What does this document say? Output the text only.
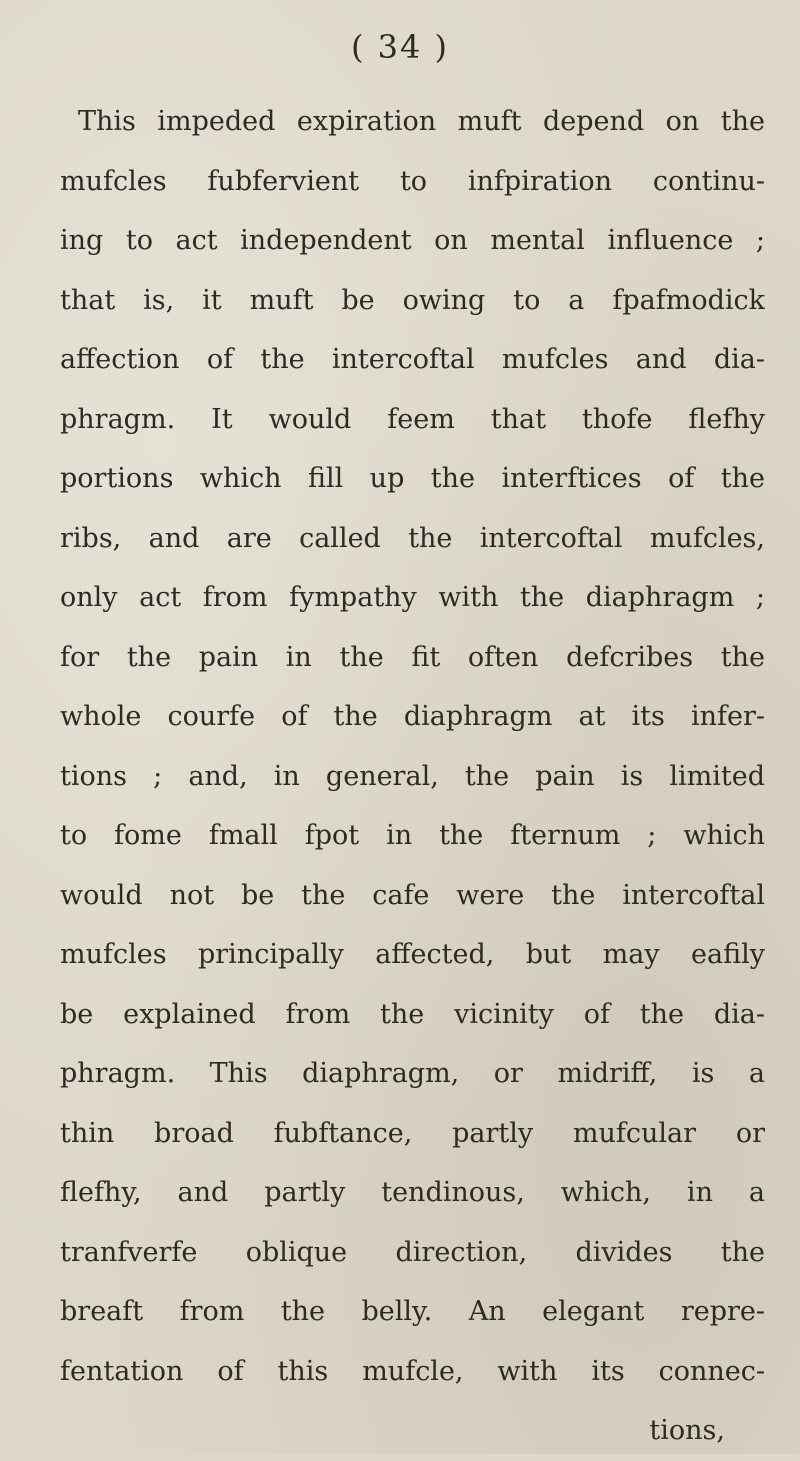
( 34 )
This impeded expiration muft depend on the
mufcles fubfervient to infpiration continu-
ing to act independent on mental influence ;
that is, it muft be owing to a fpafmodick
affection of the intercoftal mufcles and dia-
phragm. It would feem that thofe flefhy
portions which fill up the interftices of the
ribs, and are called the intercoftal mufcles,
only act from fympathy with the diaphragm ;
for the pain in the fit often defcribes the
whole courfe of the diaphragm at its infer-
tions ; and, in general, the pain is limited
to fome fmall fpot in the fternum ; which
would not be the cafe were the intercoftal
mufcles principally affected, but may eafily
be explained from the vicinity of the dia-
phragm. This diaphragm, or midriff, is a
thin broad fubftance, partly mufcular or
flefhy, and partly tendinous, which, in a
tranfverfe oblique direction, divides the
breaft from the belly. An elegant repre-
fentation of this mufcle, with its connec-
tions,
